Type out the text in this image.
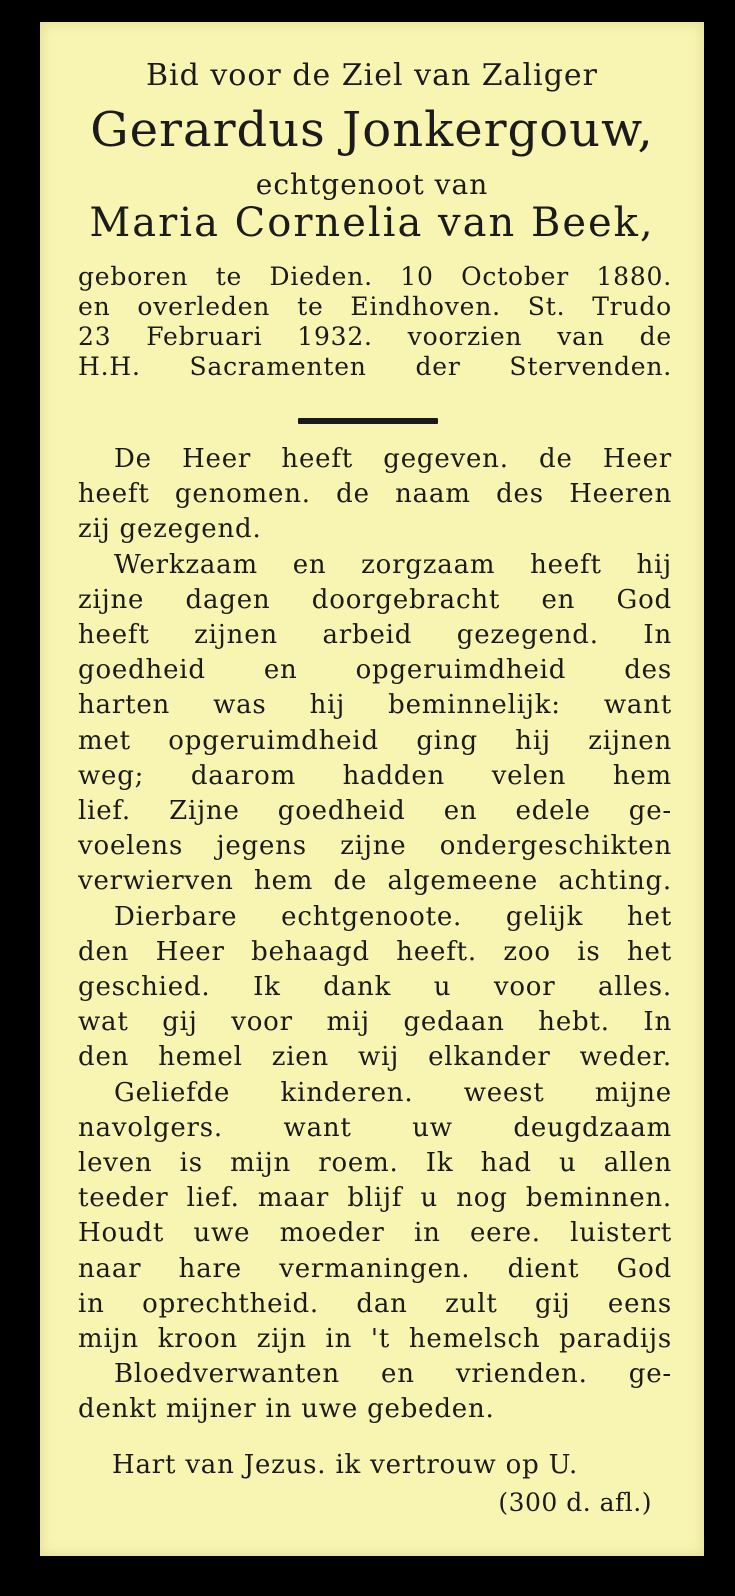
Bid voor de Ziel van Zaliger
Gerardus Jonkergouw,
echtgenoot van
Maria Cornelia van Beek,
geboren te Dieden. 10 October 1880.
en overleden te Eindhoven. St. Trudo
23 Februari 1932. voorzien van de
H.H. Sacramenten der Stervenden.
De Heer heeft gegeven. de Heer
heeft genomen. de naam des Heeren
zij gezegend.
Werkzaam en zorgzaam heeft hij
zijne dagen doorgebracht en God
heeft zijnen arbeid gezegend. In
goedheid en opgeruimdheid des
harten was hij beminnelijk: want
met opgeruimdheid ging hij zijnen
weg; daarom hadden velen hem
lief. Zijne goedheid en edele ge-
voelens jegens zijne ondergeschikten
verwierven hem de algemeene achting.
Dierbare echtgenoote. gelijk het
den Heer behaagd heeft. zoo is het
geschied. Ik dank u voor alles.
wat gij voor mij gedaan hebt. In
den hemel zien wij elkander weder.
Geliefde kinderen. weest mijne
navolgers. want uw deugdzaam
leven is mijn roem. Ik had u allen
teeder lief. maar blijf u nog beminnen.
Houdt uwe moeder in eere. luistert
naar hare vermaningen. dient God
in oprechtheid. dan zult gij eens
mijn kroon zijn in 't hemelsch paradijs
Bloedverwanten en vrienden. ge-
denkt mijner in uwe gebeden.
Hart van Jezus. ik vertrouw op U.
(300 d. afl.)
